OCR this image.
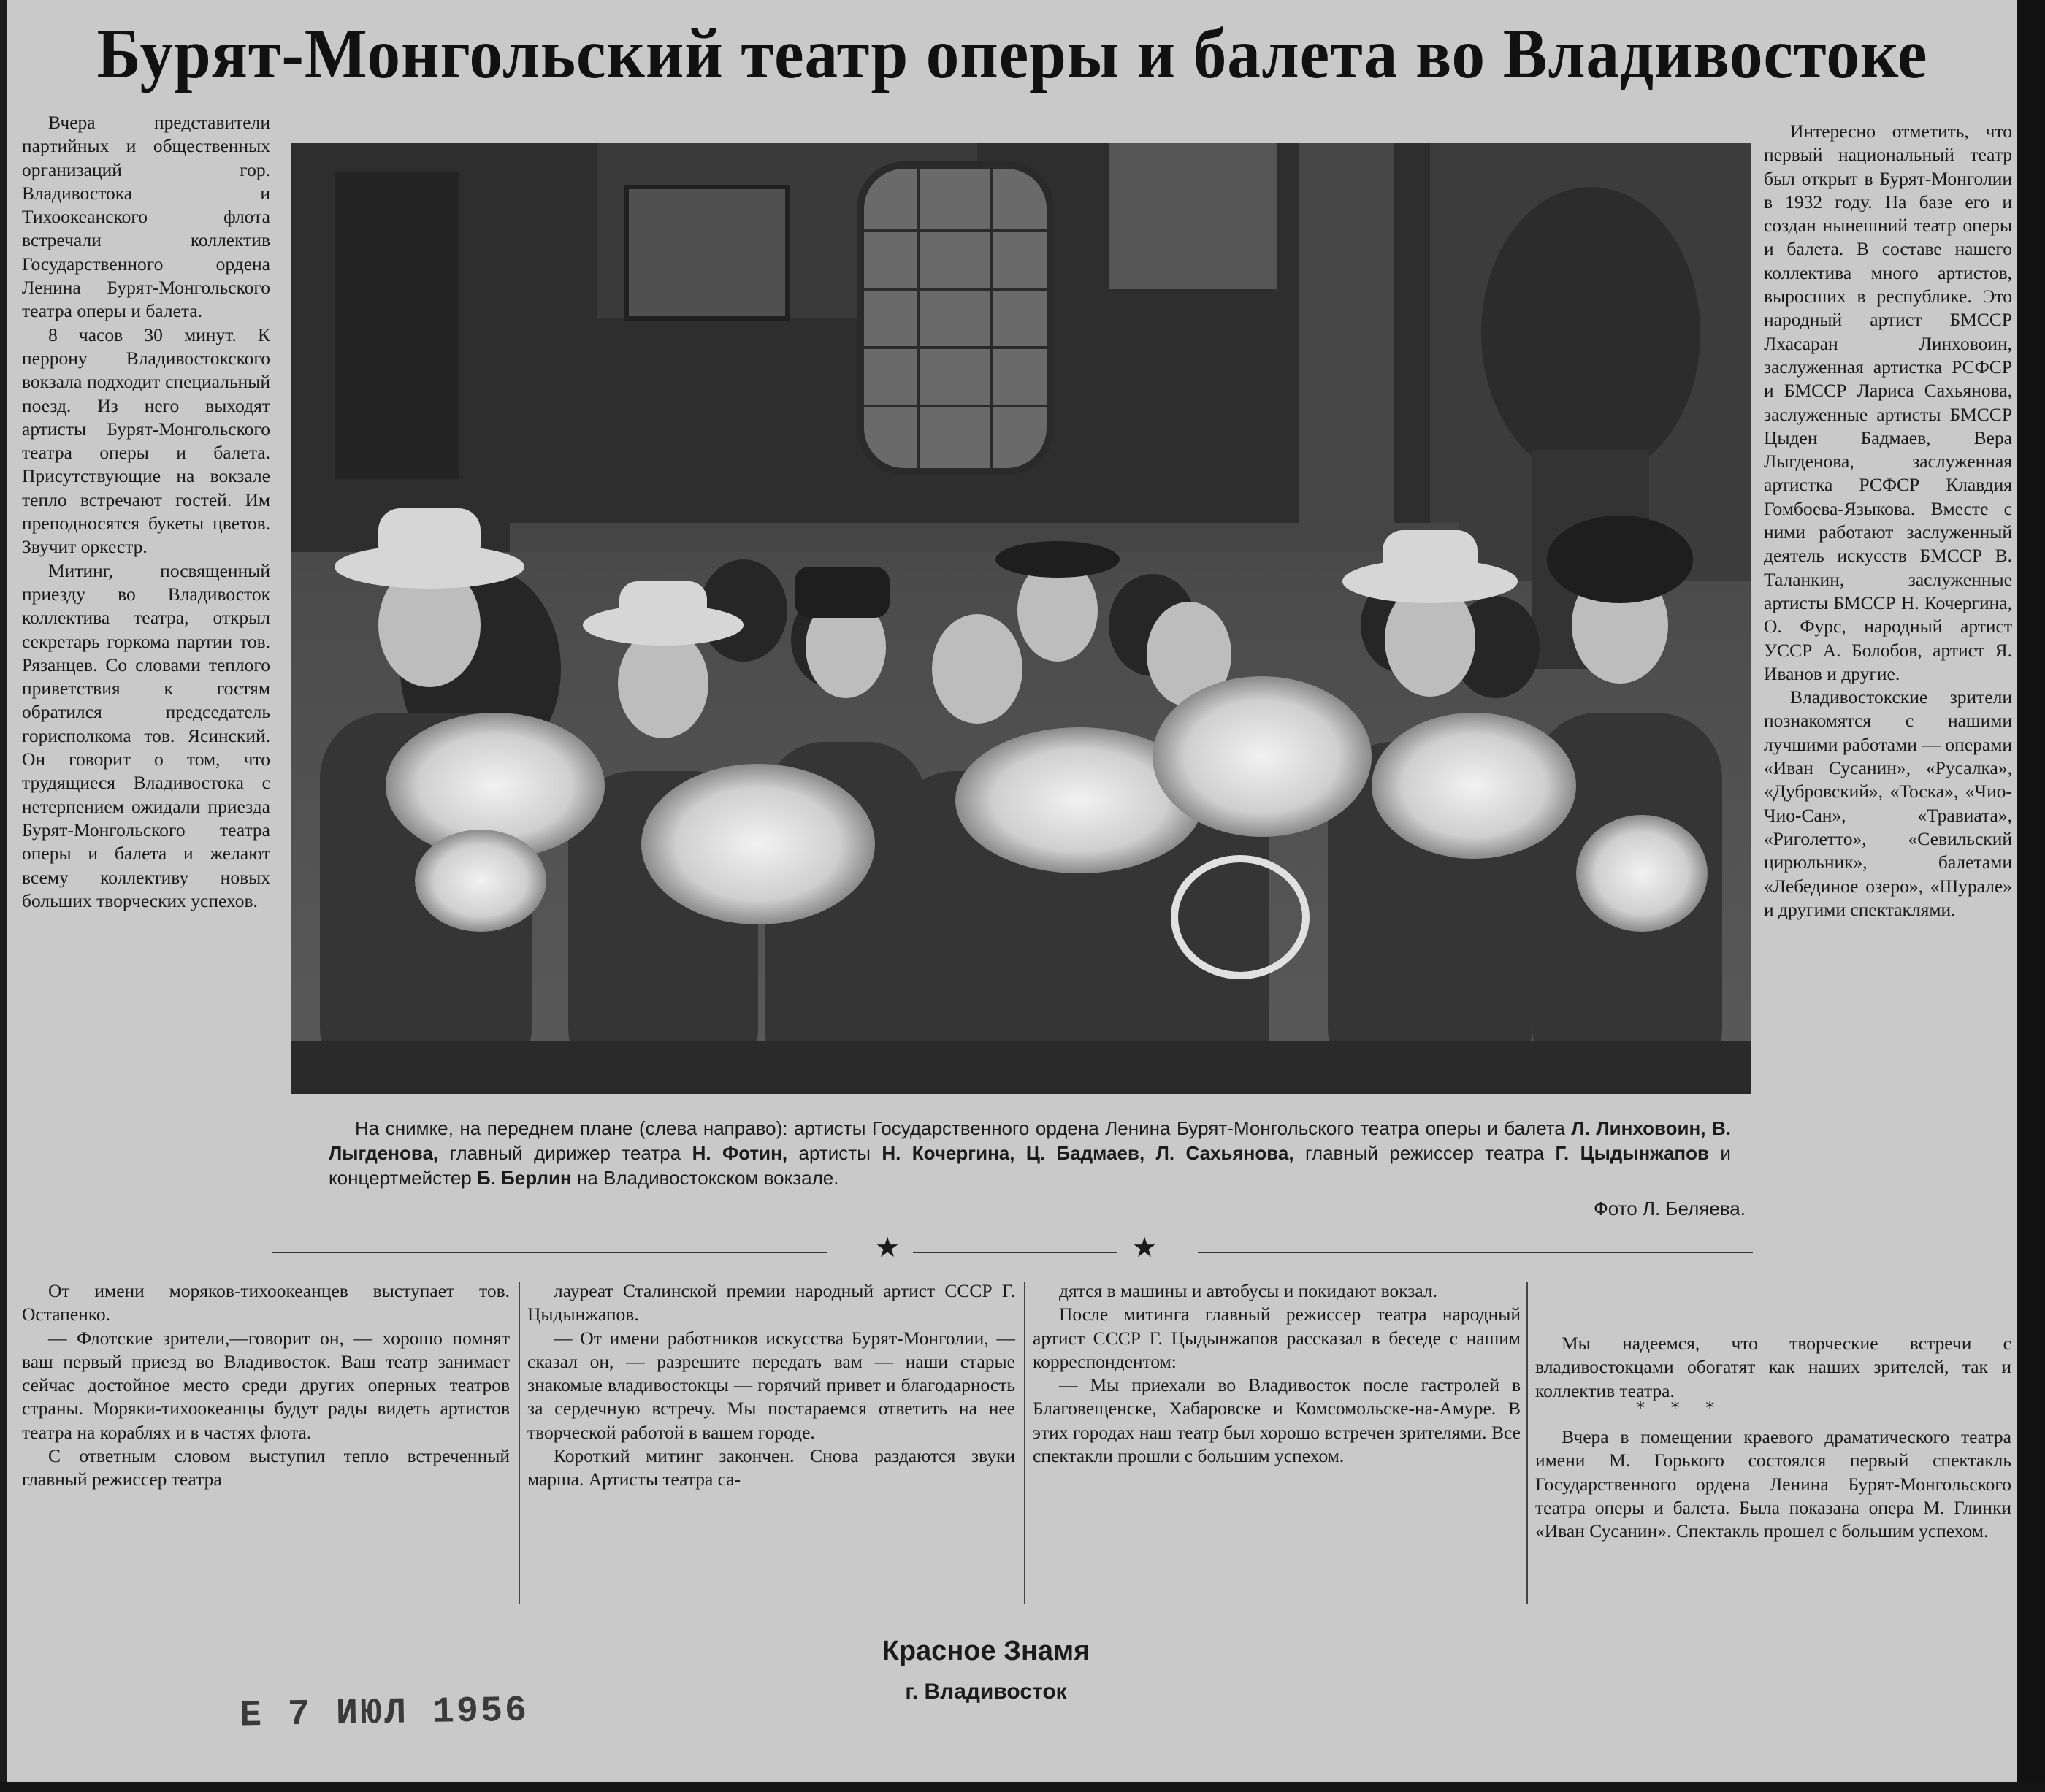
Бурят-Монгольский театр оперы и балета во Владивостоке

Вчера представители партийных и общественных организаций гор. Владивостока и Тихоокеанского флота встречали коллектив Государственного ордена Ленина Бурят-Монгольского театра оперы и балета.

8 часов 30 минут. К перрону Владивостокского вокзала подходит специальный поезд. Из него выходят артисты Бурят-Монгольского театра оперы и балета. Присутствующие на вокзале тепло встречают гостей. Им преподносятся букеты цветов. Звучит оркестр.

Митинг, посвященный приезду во Владивосток коллектива театра, открыл секретарь горкома партии тов. Рязанцев. Со словами теплого приветствия к гостям обратился председатель горисполкома тов. Ясинский. Он говорит о том, что трудящиеся Владивостока с нетерпением ожидали приезда Бурят-Монгольского театра оперы и балета и желают всему коллективу новых больших творческих успехов.

На снимке, на переднем плане (слева направо): артисты Государственного ордена Ленина Бурят-Монгольского театра оперы и балета Л. Линховоин, В. Лыгденова, главный дирижер театра Н. Фотин, артисты Н. Кочергина, Ц. Бадмаев, Л. Сахьянова, главный режиссер театра Г. Цыдынжапов и концертмейстер Б. Берлин на Владивостокском вокзале.
Фото Л. Беляева.
★	★

Интересно отметить, что первый национальный театр был открыт в Бурят-Монголии в 1932 году. На базе его и создан нынешний театр оперы и балета. В составе нашего коллектива много артистов, выросших в республике. Это народный артист БМССР Лхасаран Линховоин, заслуженная артистка РСФСР и БМССР Лариса Сахьянова, заслуженные артисты БМССР Цыден Бадмаев, Вера Лыгденова, заслуженная артистка РСФСР Клавдия Гомбоева-Языкова. Вместе с ними работают заслуженный деятель искусств БМССР В. Таланкин, заслуженные артисты БМССР Н. Кочергина, О. Фурс, народный артист УССР А. Болобов, артист Я. Иванов и другие.

Владивостокские зрители познакомятся с нашими лучшими работами — операми «Иван Сусанин», «Русалка», «Дубровский», «Тоска», «Чио-Чио-Сан», «Травиата», «Риголетто», «Севильский цирюльник», балетами «Лебединое озеро», «Шурале» и другими спектаклями.

От имени моряков-тихоокеанцев выступает тов. Остапенко.

— Флотские зрители,—говорит он, — хорошо помнят ваш первый приезд во Владивосток. Ваш театр занимает сейчас достойное место среди других оперных театров страны. Моряки-тихоокеанцы будут рады видеть артистов театра на кораблях и в частях флота.

С ответным словом выступил тепло встреченный главный режиссер театра

лауреат Сталинской премии народный артист СССР Г. Цыдынжапов.

— От имени работников искусства Бурят-Монголии, — сказал он, — разрешите передать вам — наши старые знакомые владивостокцы — горячий привет и благодарность за сердечную встречу. Мы постараемся ответить на нее творческой работой в вашем городе.

Короткий митинг закончен. Снова раздаются звуки марша. Артисты театра са-

дятся в машины и автобусы и покидают вокзал.

После митинга главный режиссер театра народный артист СССР Г. Цыдынжапов рассказал в беседе с нашим корреспондентом:

— Мы приехали во Владивосток после гастролей в Благовещенске, Хабаровске и Комсомольске-на-Амуре. В этих городах наш театр был хорошо встречен зрителями. Все спектакли прошли с большим успехом.

Мы надеемся, что творческие встречи с владивостокцами обогатят как наших зрителей, так и коллектив театра.

* * *

Вчера в помещении краевого драматического театра имени М. Горького состоялся первый спектакль Государственного ордена Ленина Бурят-Монгольского театра оперы и балета. Была показана опера М. Глинки «Иван Сусанин». Спектакль прошел с большим успехом.

Красное Знамя
г. Владивосток
Е 7 ИЮЛ 1956
